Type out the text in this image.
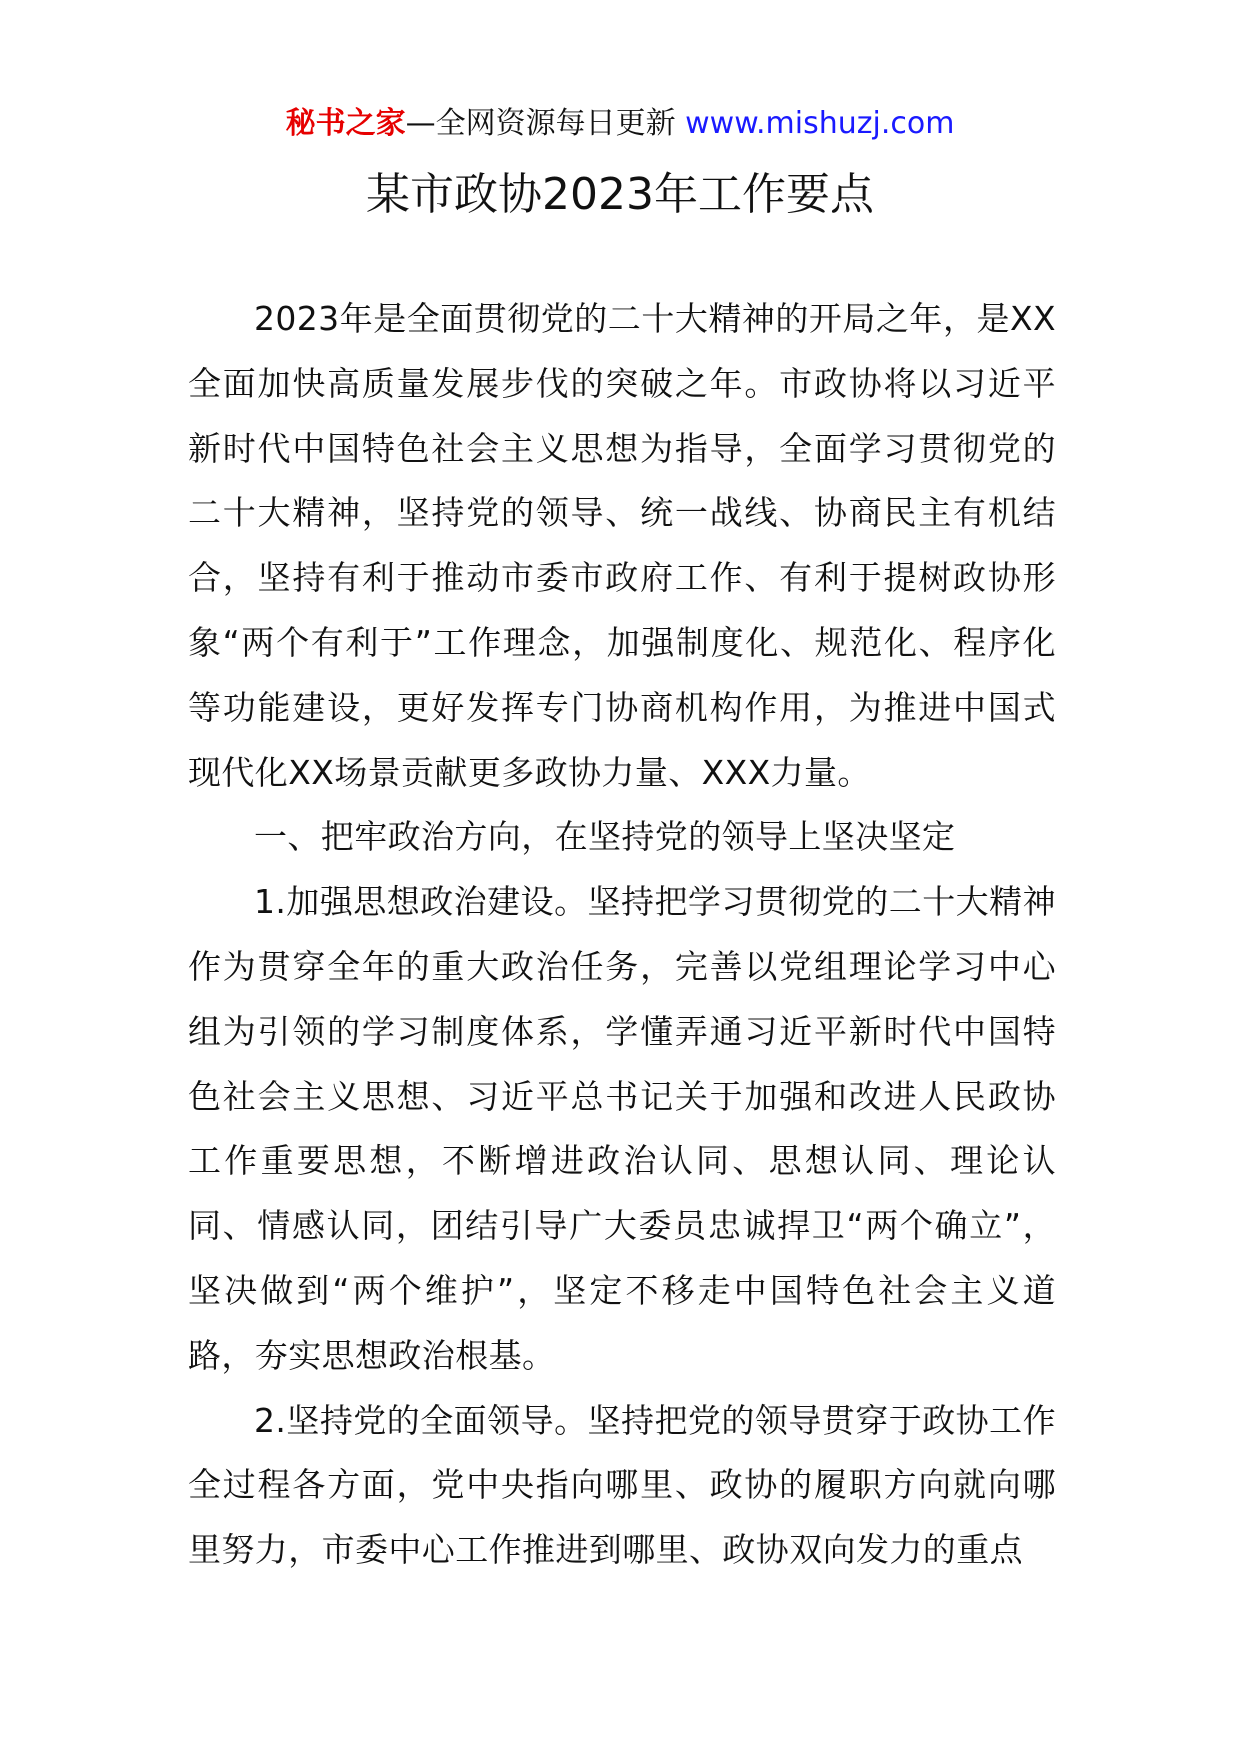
秘书之家—全网资源每日更新 www.mishuzj.com
某市政协2023年工作要点

2023年是全面贯彻党的二十大精神的开局之年，是XX全面加快高质量发展步伐的突破之年。市政协将以习近平新时代中国特色社会主义思想为指导，全面学习贯彻党的二十大精神，坚持党的领导、统一战线、协商民主有机结合，坚持有利于推动市委市政府工作、有利于提树政协形象“两个有利于”工作理念，加强制度化、规范化、程序化等功能建设，更好发挥专门协商机构作用，为推进中国式现代化XX场景贡献更多政协力量、XXX力量。

一、把牢政治方向，在坚持党的领导上坚决坚定

1.加强思想政治建设。坚持把学习贯彻党的二十大精神作为贯穿全年的重大政治任务，完善以党组理论学习中心组为引领的学习制度体系，学懂弄通习近平新时代中国特色社会主义思想、习近平总书记关于加强和改进人民政协工作重要思想，不断增进政治认同、思想认同、理论认同、情感认同，团结引导广大委员忠诚捍卫“两个确立”，坚决做到“两个维护”，坚定不移走中国特色社会主义道路，夯实思想政治根基。

2.坚持党的全面领导。坚持把党的领导贯穿于政协工作全过程各方面，党中央指向哪里、政协的履职方向就向哪里努力，市委中心工作推进到哪里、政协双向发力的重点
